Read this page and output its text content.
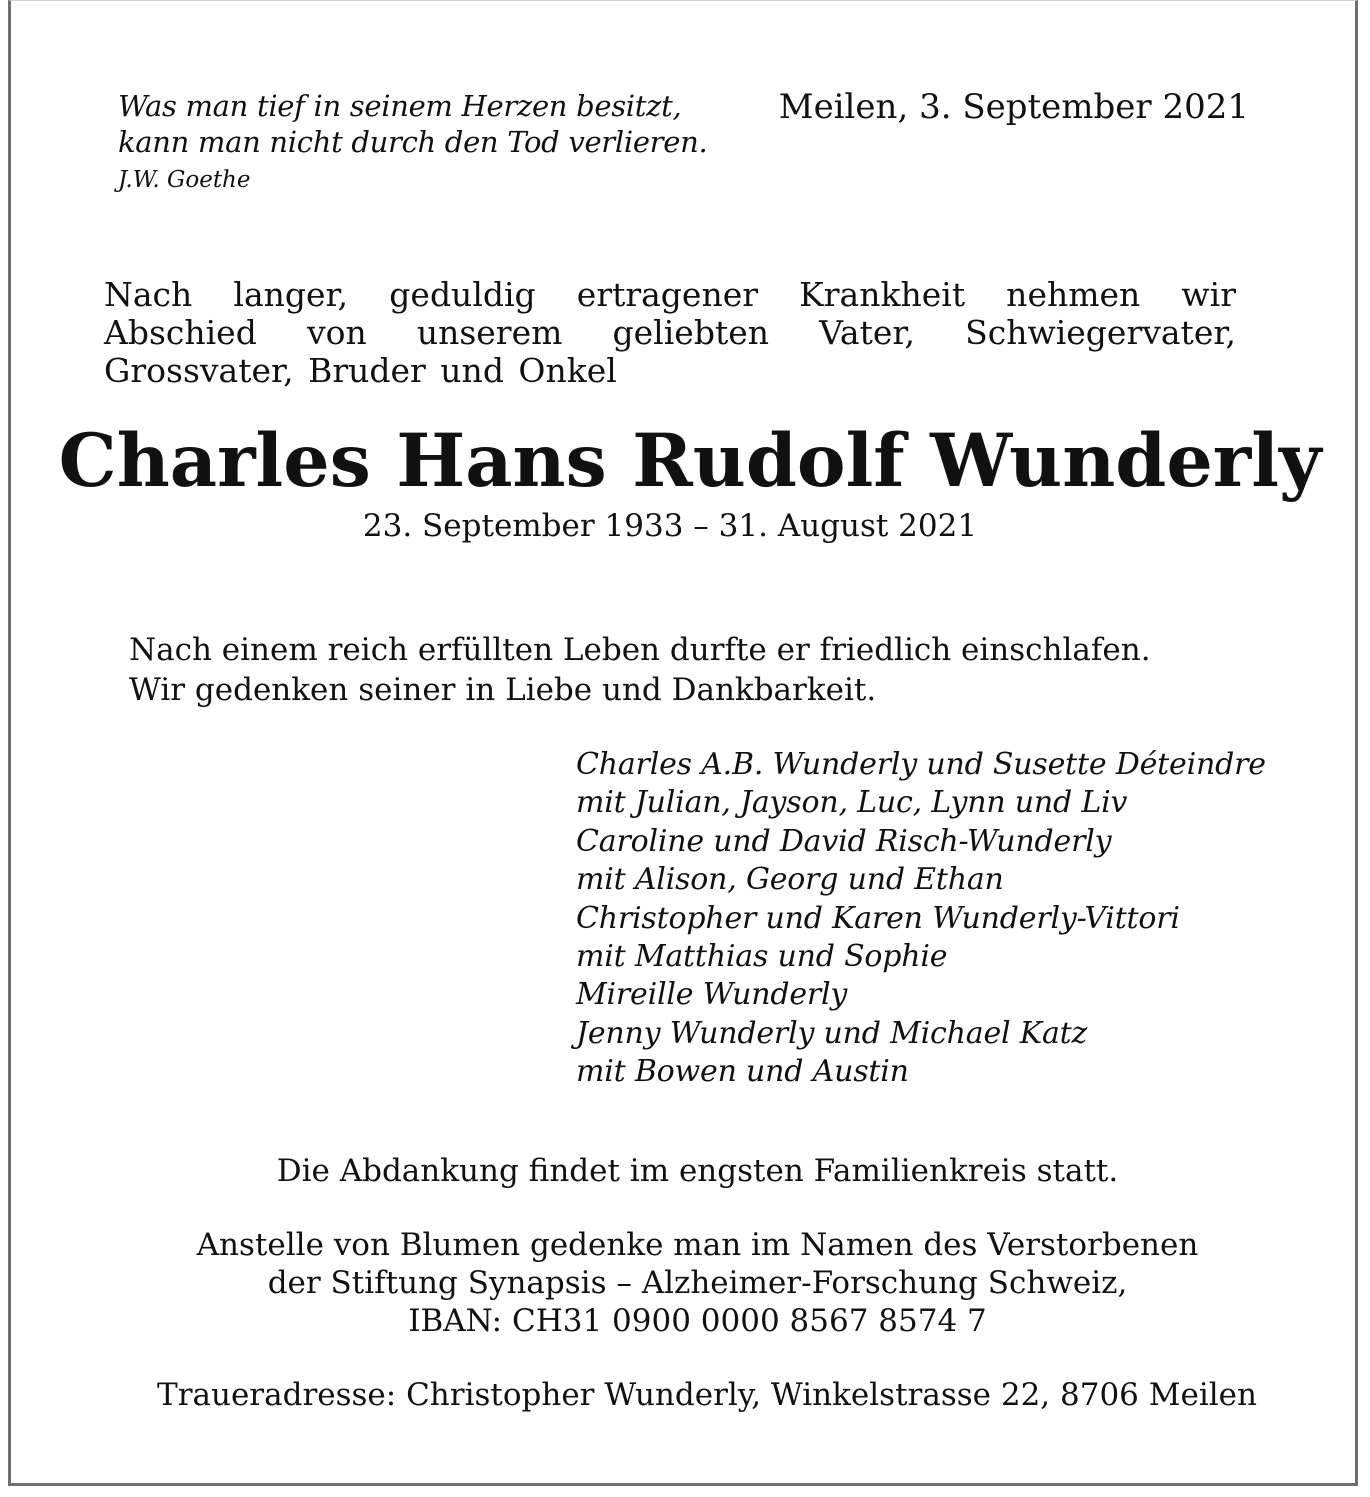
Was man tief in seinem Herzen besitzt,
kann man nicht durch den Tod verlieren.
J.W. Goethe
Meilen, 3. September 2021
Nach langer, geduldig ertragener Krankheit nehmen wir Abschied von unserem geliebten Vater, Schwiegervater, Grossvater, Bruder und Onkel
Charles Hans Rudolf Wunderly
23. September 1933 – 31. August 2021
Nach einem reich erfüllten Leben durfte er friedlich einschlafen.
Wir gedenken seiner in Liebe und Dankbarkeit.
Charles A.B. Wunderly und Susette Déteindre
mit Julian, Jayson, Luc, Lynn und Liv
Caroline und David Risch-Wunderly
mit Alison, Georg und Ethan
Christopher und Karen Wunderly-Vittori
mit Matthias und Sophie
Mireille Wunderly
Jenny Wunderly und Michael Katz
mit Bowen und Austin
Die Abdankung findet im engsten Familienkreis statt.
Anstelle von Blumen gedenke man im Namen des Verstorbenen
der Stiftung Synapsis – Alzheimer-Forschung Schweiz,
IBAN: CH31 0900 0000 8567 8574 7
Traueradresse: Christopher Wunderly, Winkelstrasse 22, 8706 Meilen
